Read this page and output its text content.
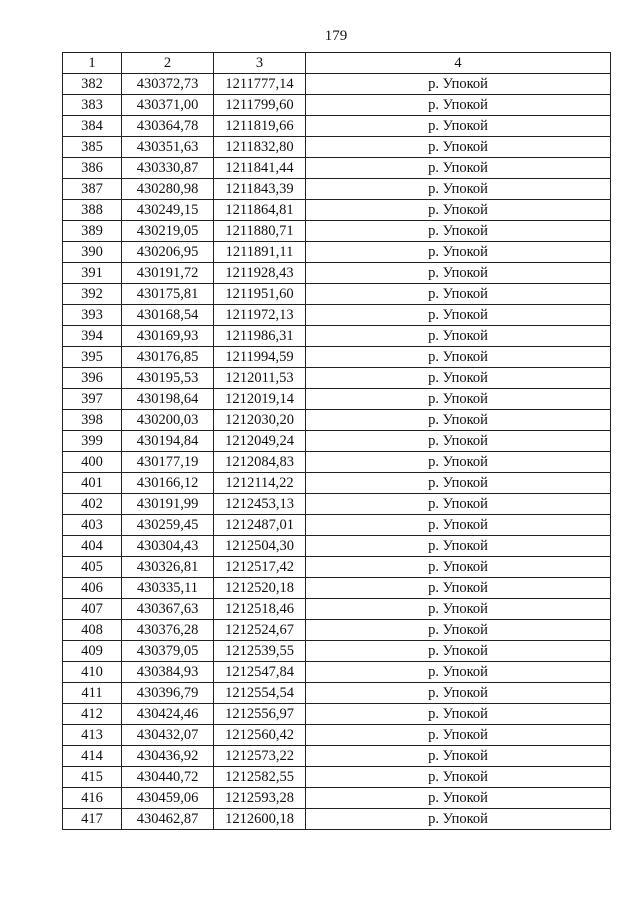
179
1	2	3	4
382	430372,73	1211777,14	р. Упокой
383	430371,00	1211799,60	р. Упокой
384	430364,78	1211819,66	р. Упокой
385	430351,63	1211832,80	р. Упокой
386	430330,87	1211841,44	р. Упокой
387	430280,98	1211843,39	р. Упокой
388	430249,15	1211864,81	р. Упокой
389	430219,05	1211880,71	р. Упокой
390	430206,95	1211891,11	р. Упокой
391	430191,72	1211928,43	р. Упокой
392	430175,81	1211951,60	р. Упокой
393	430168,54	1211972,13	р. Упокой
394	430169,93	1211986,31	р. Упокой
395	430176,85	1211994,59	р. Упокой
396	430195,53	1212011,53	р. Упокой
397	430198,64	1212019,14	р. Упокой
398	430200,03	1212030,20	р. Упокой
399	430194,84	1212049,24	р. Упокой
400	430177,19	1212084,83	р. Упокой
401	430166,12	1212114,22	р. Упокой
402	430191,99	1212453,13	р. Упокой
403	430259,45	1212487,01	р. Упокой
404	430304,43	1212504,30	р. Упокой
405	430326,81	1212517,42	р. Упокой
406	430335,11	1212520,18	р. Упокой
407	430367,63	1212518,46	р. Упокой
408	430376,28	1212524,67	р. Упокой
409	430379,05	1212539,55	р. Упокой
410	430384,93	1212547,84	р. Упокой
411	430396,79	1212554,54	р. Упокой
412	430424,46	1212556,97	р. Упокой
413	430432,07	1212560,42	р. Упокой
414	430436,92	1212573,22	р. Упокой
415	430440,72	1212582,55	р. Упокой
416	430459,06	1212593,28	р. Упокой
417	430462,87	1212600,18	р. Упокой
